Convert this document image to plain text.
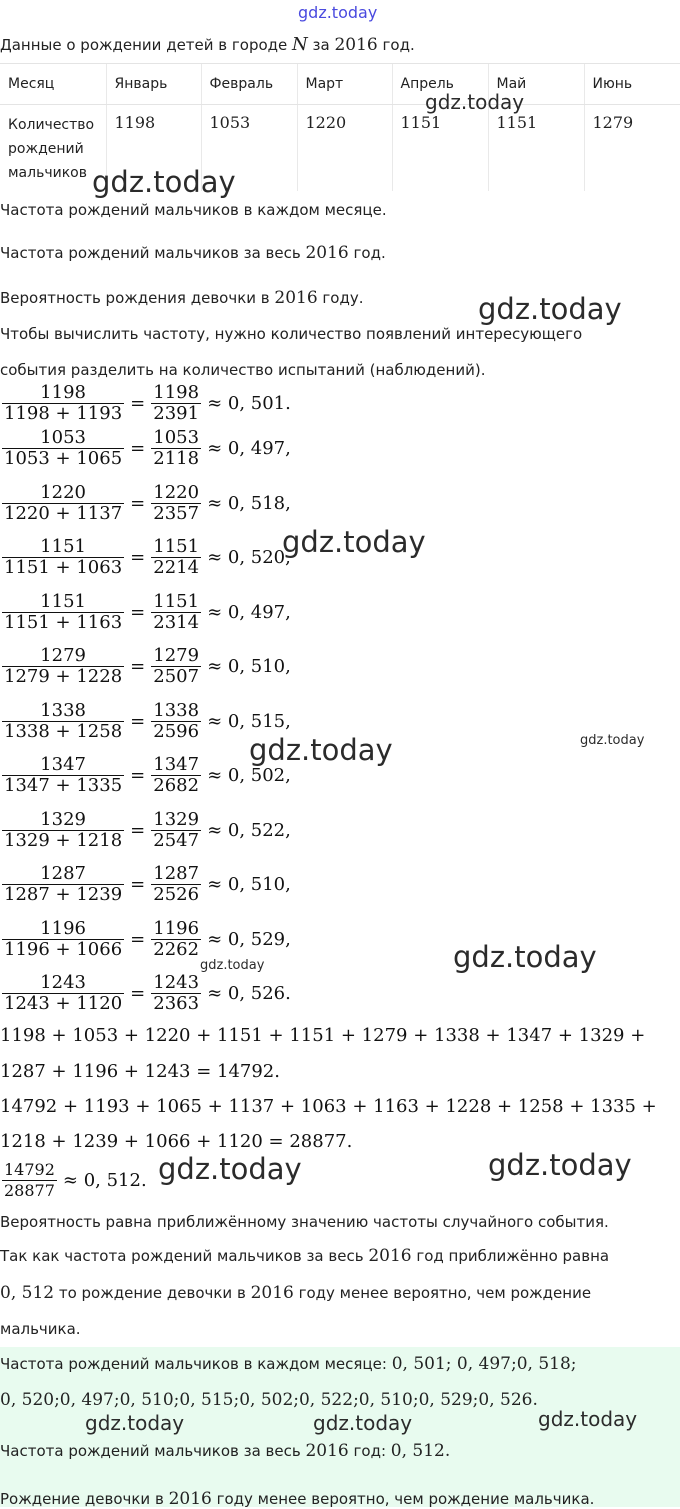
gdz.today
Данные о рождении детей в городе N за 2016 год.
Месяц	Январь	Февраль	Март	Апрель	Май	Июнь

Количество
рождений
мальчиков	1198	1053	1220	1151	1151	1279
Частота рождений мальчиков в каждом месяце.
Частота рождений мальчиков за весь 2016 год.
Вероятность рождения девочки в 2016 году.
Чтобы вычислить частоту, нужно количество появлений интересующего
события разделить на количество испытаний (наблюдений).
$\frac{1198}{1198 + 1193} = \frac{1198}{2391} \approx 0$, 501.
$\frac{1053}{1053 + 1065} = \frac{1053}{2118} \approx 0$, 497,
$\frac{1220}{1220 + 1137} = \frac{1220}{2357} \approx 0$, 518,
$\frac{1151}{1151 + 1063} = \frac{1151}{2214} \approx 0$, 520,
$\frac{1151}{1151 + 1163} = \frac{1151}{2314} \approx 0$, 497,
$\frac{1279}{1279 + 1228} = \frac{1279}{2507} \approx 0$, 510,
$\frac{1338}{1338 + 1258} = \frac{1338}{2596} \approx 0$, 515,
$\frac{1347}{1347 + 1335} = \frac{1347}{2682} \approx 0$, 502,
$\frac{1329}{1329 + 1218} = \frac{1329}{2547} \approx 0$, 522,
$\frac{1287}{1287 + 1239} = \frac{1287}{2526} \approx 0$, 510,
$\frac{1196}{1196 + 1066} = \frac{1196}{2262} \approx 0$, 529,
$\frac{1243}{1243 + 1120} = \frac{1243}{2363} \approx 0$, 526.
1198 + 1053 + 1220 + 1151 + 1151 + 1279 + 1338 + 1347 + 1329 +
1287 + 1196 + 1243 = 14792.
14792 + 1193 + 1065 + 1137 + 1063 + 1163 + 1228 + 1258 + 1335 +
1218 + 1239 + 1066 + 1120 = 28877.
$\frac{14792}{28877} \approx 0$, 512.
Вероятность равна приближённому значению частоты случайного события.
Так как частота рождений мальчиков за весь 2016 год приближённо равна
0, 512 то рождение девочки в 2016 году менее вероятно, чем рождение
мальчика.
Частота рождений мальчиков в каждом месяце: 0, 501; 0, 497;0, 518;
0, 520;0, 497;0, 510;0, 515;0, 502;0, 522;0, 510;0, 529;0, 526.
Частота рождений мальчиков за весь 2016 год: 0, 512.
Рождение девочки в 2016 году менее вероятно, чем рождение мальчика.
gdz.today
gdz.today
gdz.today
gdz.today
gdz.today	gdz.today
gdz.today	gdz.today
gdz.today	gdz.today
gdz.today	gdz.today	gdz.today
